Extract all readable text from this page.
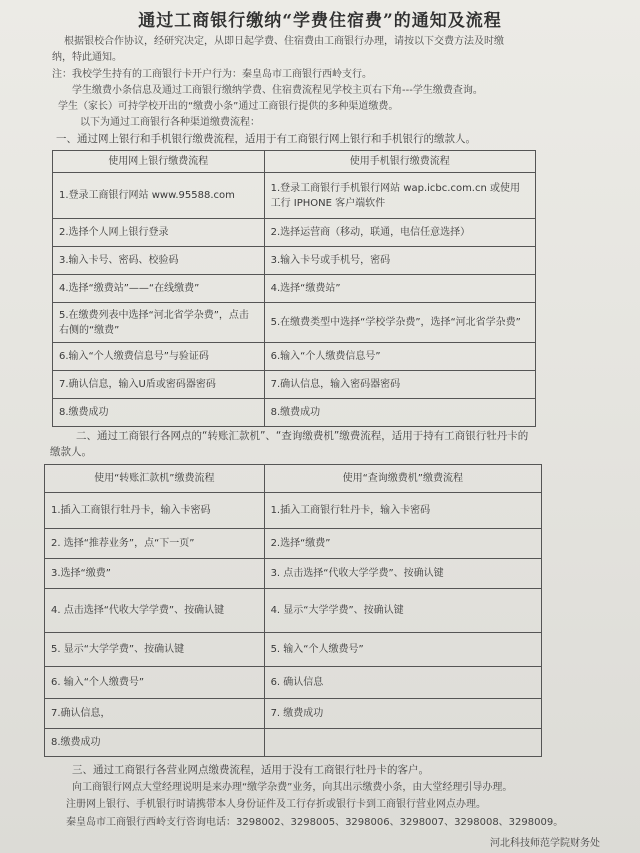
通过工商银行缴纳“学费住宿费”的通知及流程
根据银校合作协议，经研究决定，从即日起学费、住宿费由工商银行办理，请按以下交费方法及时缴
纳，特此通知。
注：我校学生持有的工商银行卡开户行为：秦皇岛市工商银行西岭支行。
学生缴费小条信息及通过工商银行缴纳学费、住宿费流程见学校主页右下角---学生缴费查询。
学生（家长）可持学校开出的“缴费小条”通过工商银行提供的多种渠道缴费。
以下为通过工商银行各种渠道缴费流程：
一、通过网上银行和手机银行缴费流程，适用于有工商银行网上银行和手机银行的缴款人。
使用网上银行缴费流程	使用手机银行缴费流程
1.登录工商银行网站 www.95588.com	1.登录工商银行手机银行网站 wap.icbc.com.cn 或使用工行 IPHONE 客户端软件
2.选择个人网上银行登录	2.选择运营商（移动，联通，电信任意选择）
3.输入卡号、密码、校验码	3.输入卡号或手机号，密码
4.选择“缴费站”——“在线缴费”	4.选择“缴费站”
5.在缴费列表中选择“河北省学杂费”，点击右侧的“缴费”	5.在缴费类型中选择“学校学杂费”，选择“河北省学杂费”
6.输入“个人缴费信息号”与验证码	6.输入“个人缴费信息号”
7.确认信息，输入U盾或密码器密码	7.确认信息，输入密码器密码
8.缴费成功	8.缴费成功
二、通过工商银行各网点的“转账汇款机”、“查询缴费机”缴费流程，适用于持有工商银行牡丹卡的
缴款人。
使用“转账汇款机”缴费流程	使用“查询缴费机”缴费流程
1.插入工商银行牡丹卡，输入卡密码	1.插入工商银行牡丹卡，输入卡密码
2. 选择“推荐业务”，点“下一页”	2.选择“缴费”
3.选择“缴费”	3. 点击选择“代收大学学费”、按确认键
4. 点击选择“代收大学学费”、按确认键	4. 显示“大学学费”、按确认键
5. 显示“大学学费”、按确认键	5. 输入“个人缴费号”
6. 输入“个人缴费号”	6. 确认信息
7.确认信息，	7. 缴费成功
8.缴费成功	
三、通过工商银行各营业网点缴费流程，适用于没有工商银行牡丹卡的客户。
向工商银行网点大堂经理说明是来办理“缴学杂费”业务，向其出示缴费小条，由大堂经理引导办理。
注册网上银行、手机银行时请携带本人身份证件及工行存折或银行卡到工商银行营业网点办理。
秦皇岛市工商银行西岭支行咨询电话：3298002、3298005、3298006、3298007、3298008、3298009。
河北科技师范学院财务处
